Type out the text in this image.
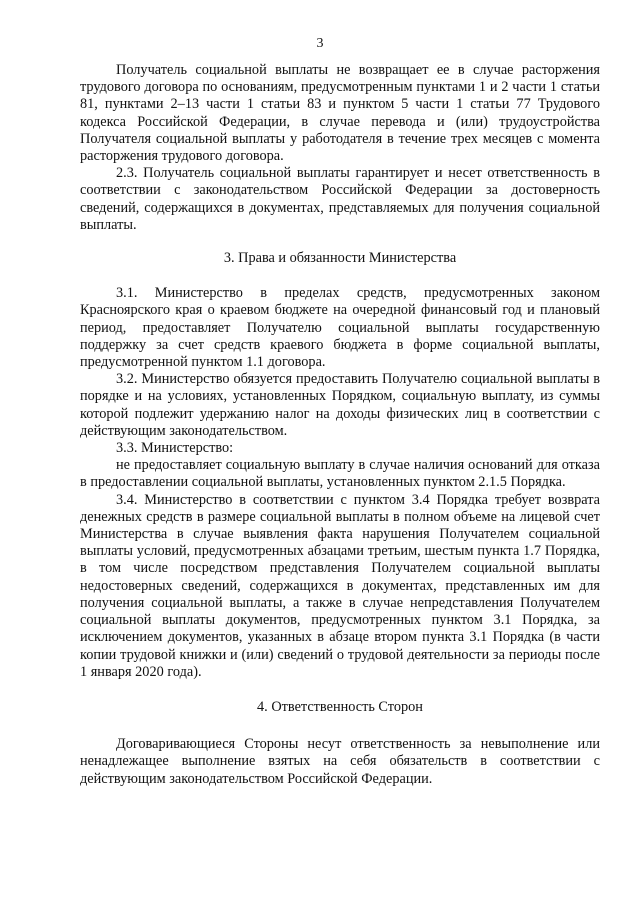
3

Получатель социальной выплаты не возвращает ее в случае расторжения трудового договора по основаниям, предусмотренным пунктами 1 и 2 части 1 статьи 81, пунктами 2–13 части 1 статьи 83 и пунктом 5 части 1 статьи 77 Трудового кодекса Российской Федерации, в случае перевода и (или) трудоустройства Получателя социальной выплаты у работодателя в течение трех месяцев с момента расторжения трудового договора.

2.3. Получатель социальной выплаты гарантирует и несет ответственность в соответствии с законодательством Российской Федерации за достоверность сведений, содержащихся в документах, представляемых для получения социальной выплаты.

3. Права и обязанности Министерства

3.1. Министерство в пределах средств, предусмотренных законом Красноярского края о краевом бюджете на очередной финансовый год и плановый период, предоставляет Получателю социальной выплаты государственную поддержку за счет средств краевого бюджета в форме социальной выплаты, предусмотренной пунктом 1.1 договора.

3.2. Министерство обязуется предоставить Получателю социальной выплаты в порядке и на условиях, установленных Порядком, социальную выплату, из суммы которой подлежит удержанию налог на доходы физических лиц в соответствии с действующим законодательством.

3.3. Министерство:

не предоставляет социальную выплату в случае наличия оснований для отказа в предоставлении социальной выплаты, установленных пунктом 2.1.5 Порядка.

3.4. Министерство в соответствии с пунктом 3.4 Порядка требует возврата денежных средств в размере социальной выплаты в полном объеме на лицевой счет Министерства в случае выявления факта нарушения Получателем социальной выплаты условий, предусмотренных абзацами третьим, шестым пункта 1.7 Порядка, в том числе посредством представления Получателем социальной выплаты недостоверных сведений, содержащихся в документах, представленных им для получения социальной выплаты, а также в случае непредставления Получателем социальной выплаты документов, предусмотренных пунктом 3.1 Порядка, за исключением документов, указанных в абзаце втором пункта 3.1 Порядка (в части копии трудовой книжки и (или) сведений о трудовой деятельности за периоды после 1 января 2020 года).

4. Ответственность Сторон

Договаривающиеся Стороны несут ответственность за невыполнение или ненадлежащее выполнение взятых на себя обязательств в соответствии с действующим законодательством Российской Федерации.
